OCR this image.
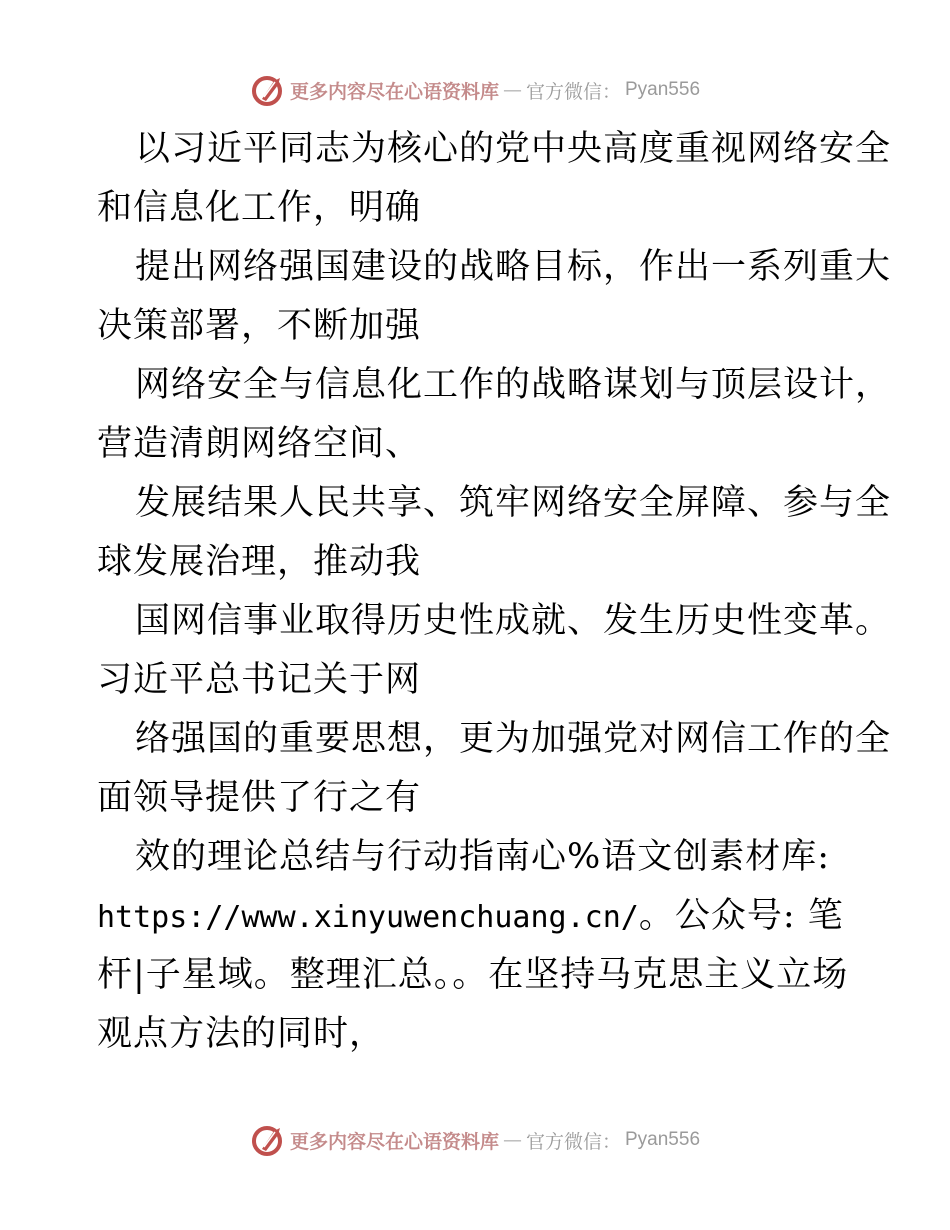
更多内容尽在心语资料库 — 官方微信： Pyan556
以习近平同志为核心的党中央高度重视网络安全
和信息化工作，明确
提出网络强国建设的战略目标，作出一系列重大
决策部署，不断加强
网络安全与信息化工作的战略谋划与顶层设计，
营造清朗网络空间、
发展结果人民共享、筑牢网络安全屏障、参与全
球发展治理，推动我
国网信事业取得历史性成就、发生历史性变革。
习近平总书记关于网
络强国的重要思想，更为加强党对网信工作的全
面领导提供了行之有
效的理论总结与行动指南心%语文创素材库:
https://www.xinyuwenchuang.cn/。公众号: 笔
杆|子星域。整理汇总。。在坚持马克思主义立场
观点方法的同时，
更多内容尽在心语资料库 — 官方微信： Pyan556
